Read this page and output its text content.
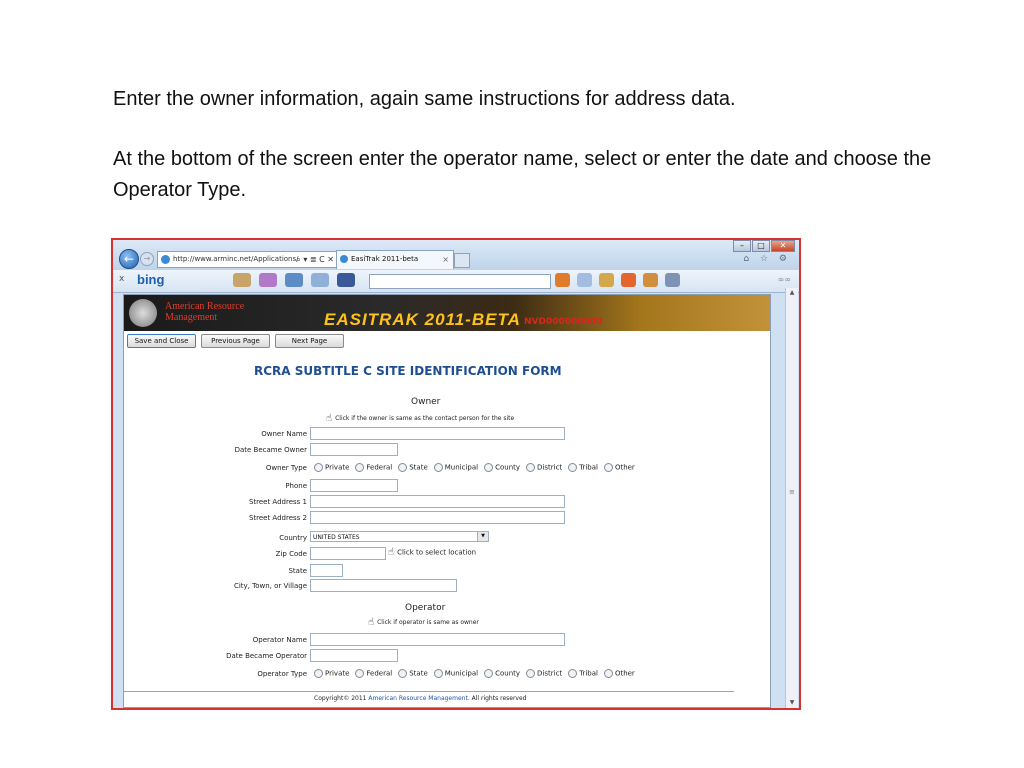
Enter the owner information, again same instructions for address data.
At the bottom of the screen enter the operator name, select or enter the date and choose the Operator Type.
–	□	✕
←	→	http://www.arminc.net/Applications/
⌕ ▾ ≣ C ✕	EasiTrak 2011-beta	×	⌂ ☆ ⚙
x bing	∞∞
American Resource
Management	EASITRAK 2011-BETA NVD000000000
Save and Close	Previous Page	Next Page
RCRA SUBTITLE C SITE IDENTIFICATION FORM
Owner
☝ Click if the owner is same as the contact person for the site
Owner Name
Date Became Owner
Owner Type	Private	Federal	State	Municipal	County	District	Tribal	Other
Phone
Street Address 1
Street Address 2
Country	UNITED STATES	▼
Zip Code	☝ Click to select location
State
City, Town, or Village
Operator
☝ Click if operator is same as owner
Operator Name
Date Became Operator
Operator Type	Private	Federal	State	Municipal	County	District	Tribal	Other
Copyright© 2011 American Resource Management. All rights reserved
▲
≡
▼
